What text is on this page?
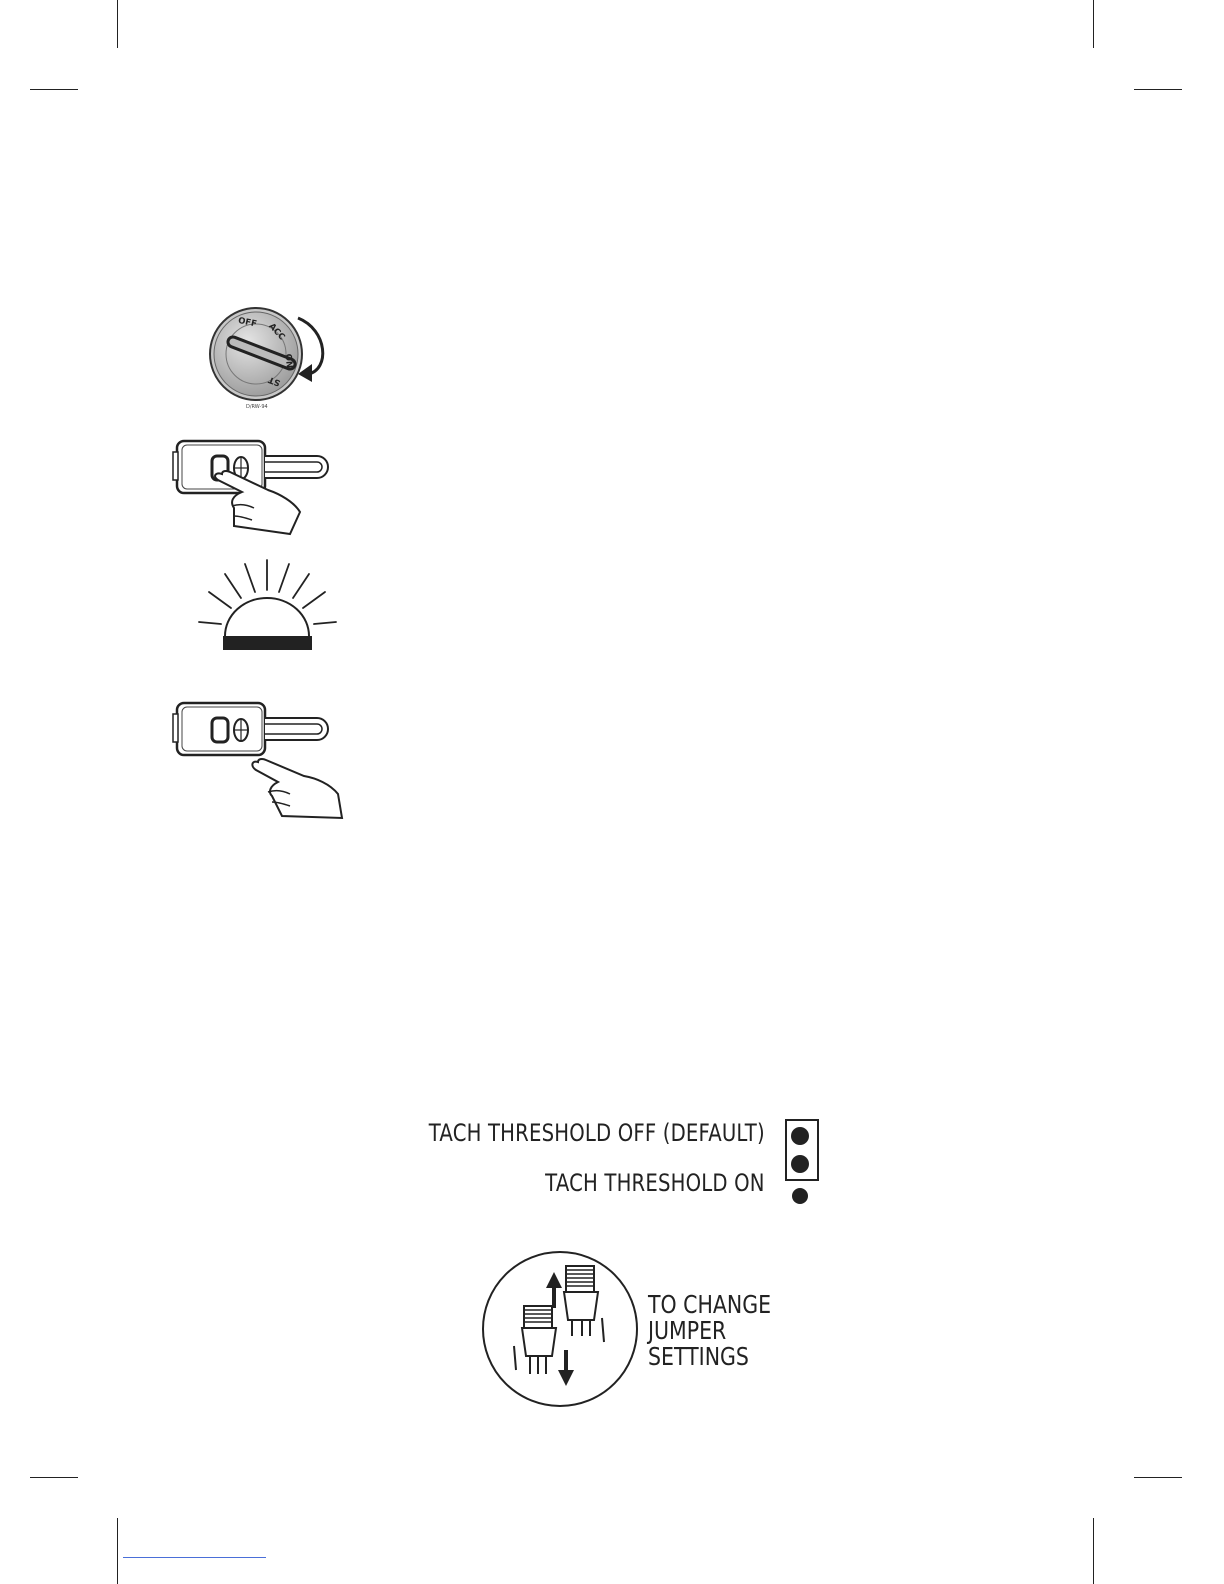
OFF ACC
ON
ST
D/RW-94
TACH THRESHOLD OFF (DEFAULT)
TACH THRESHOLD ON
TO CHANGE
JUMPER
SETTINGS
